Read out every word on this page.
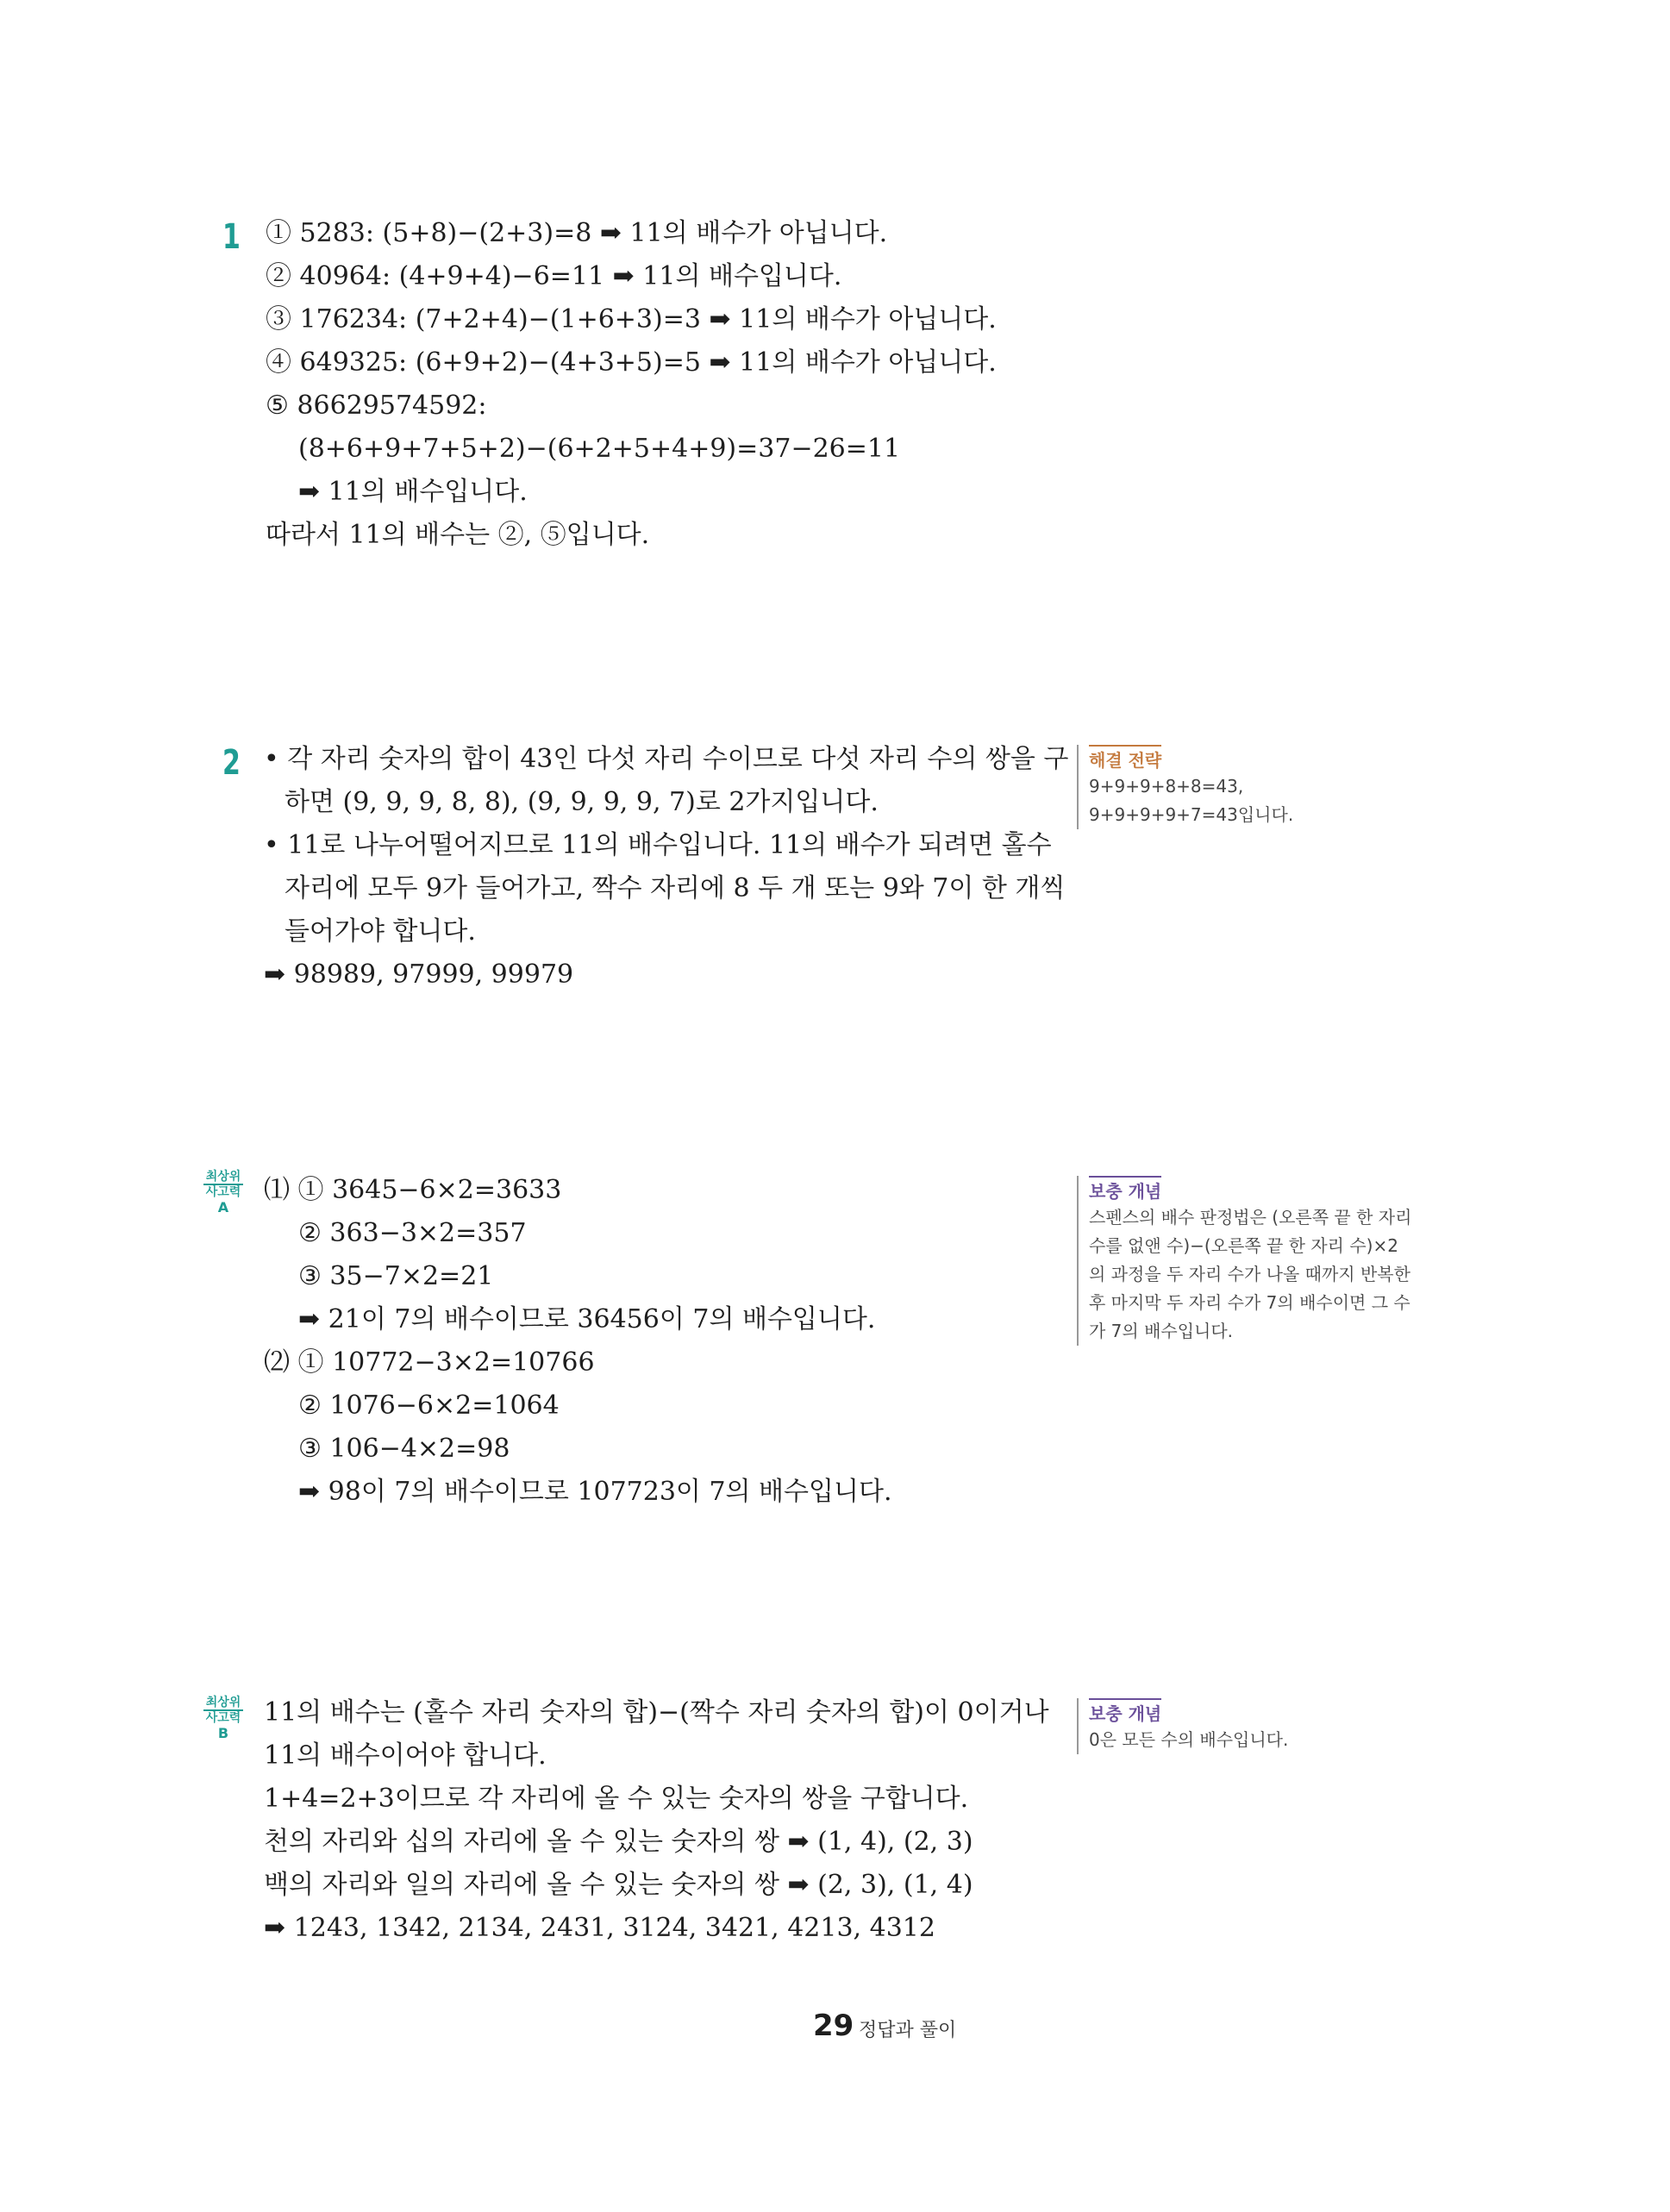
1 ① 5283: (5+8)−(2+3)=8 ➡ 11의 배수가 아닙니다.
② 40964: (4+9+4)−6=11 ➡ 11의 배수입니다.
③ 176234: (7+2+4)−(1+6+3)=3 ➡ 11의 배수가 아닙니다.
④ 649325: (6+9+2)−(4+3+5)=5 ➡ 11의 배수가 아닙니다.
⑤ 86629574592:
(8+6+9+7+5+2)−(6+2+5+4+9)=37−26=11
➡ 11의 배수입니다.
따라서 11의 배수는 ②, ⑤입니다.
2 • 각 자리 숫자의 합이 43인 다섯 자리 수이므로 다섯 자리 수의 쌍을 구
하면 (9, 9, 9, 8, 8), (9, 9, 9, 9, 7)로 2가지입니다.
• 11로 나누어떨어지므로 11의 배수입니다. 11의 배수가 되려면 홀수
자리에 모두 9가 들어가고, 짝수 자리에 8 두 개 또는 9와 7이 한 개씩
들어가야 합니다.
➡ 98989, 97999, 99979
해결 전략
9+9+9+8+8=43,
9+9+9+9+7=43입니다.
최상위
사고력
A
⑴ ① 3645−6×2=3633
② 363−3×2=357
③ 35−7×2=21
➡ 21이 7의 배수이므로 36456이 7의 배수입니다.
⑵ ① 10772−3×2=10766
② 1076−6×2=1064
③ 106−4×2=98
➡ 98이 7의 배수이므로 107723이 7의 배수입니다.
보충 개념
스펜스의 배수 판정법은 (오른쪽 끝 한 자리
수를 없앤 수)−(오른쪽 끝 한 자리 수)×2
의 과정을 두 자리 수가 나올 때까지 반복한
후 마지막 두 자리 수가 7의 배수이면 그 수
가 7의 배수입니다.
최상위
사고력
B
11의 배수는 (홀수 자리 숫자의 합)−(짝수 자리 숫자의 합)이 0이거나
11의 배수이어야 합니다.
1+4=2+3이므로 각 자리에 올 수 있는 숫자의 쌍을 구합니다.
천의 자리와 십의 자리에 올 수 있는 숫자의 쌍 ➡ (1, 4), (2, 3)
백의 자리와 일의 자리에 올 수 있는 숫자의 쌍 ➡ (2, 3), (1, 4)
➡ 1243, 1342, 2134, 2431, 3124, 3421, 4213, 4312
보충 개념
0은 모든 수의 배수입니다.
29 정답과 풀이
